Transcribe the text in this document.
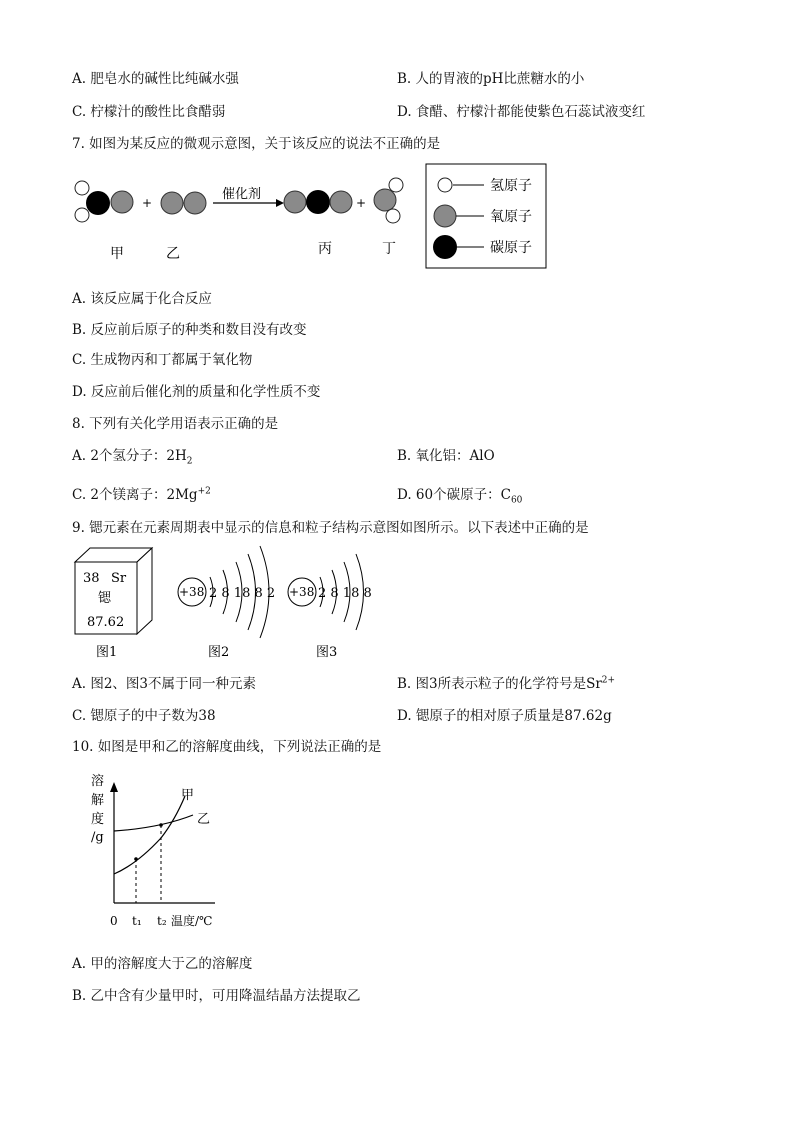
A. 肥皂水的碱性比纯碱水强	B. 人的胃液的pH比蔗糖水的小
C. 柠檬汁的酸性比食醋弱	D. 食醋、柠檬汁都能使紫色石蕊试液变红
7. 如图为某反应的微观示意图，关于该反应的说法不正确的是
+
催化剂
+
甲	乙	丙	丁
氢原子
氧原子
碳原子
A. 该反应属于化合反应
B. 反应前后原子的种类和数目没有改变
C. 生成物丙和丁都属于氧化物
D. 反应前后催化剂的质量和化学性质不变
8. 下列有关化学用语表示正确的是
A. 2个氢分子：$2H_2$	B. 氧化铝：AlO
C. 2个镁离子：$2Mg^{+2}$	D. 60个碳原子：$C_{60}$
9. 锶元素在元素周期表中显示的信息和粒子结构示意图如图所示。以下表述中正确的是
38 Sr
锶
87.62
+38 2 8 18 8 2 +38 2 8 18 8
图1	图2	图3
A. 图2、图3不属于同一种元素	B. 图3所表示粒子的化学符号是$Sr^{2+}$
C. 锶原子的中子数为38	D. 锶原子的相对原子质量是87.62g
10. 如图是甲和乙的溶解度曲线，下列说法正确的是
溶
解
度
/g
甲
乙
0 t₁ t₂ 温度/℃
A. 甲的溶解度大于乙的溶解度
B. 乙中含有少量甲时，可用降温结晶方法提取乙
